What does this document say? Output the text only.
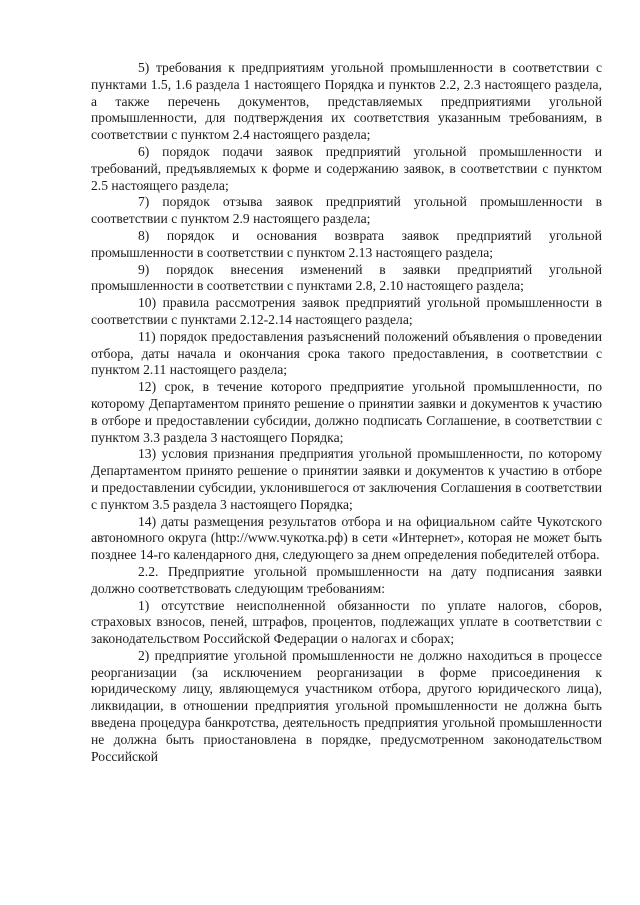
5) требования к предприятиям угольной промышленности в соответствии с пунктами 1.5, 1.6 раздела 1 настоящего Порядка и пунктов 2.2, 2.3 настоящего раздела, а также перечень документов, представляемых предприятиями угольной промышленности, для подтверждения их соответствия указанным требованиям, в соответствии с пунктом 2.4 настоящего раздела;

6) порядок подачи заявок предприятий угольной промышленности и требований, предъявляемых к форме и содержанию заявок, в соответствии с пунктом 2.5 настоящего раздела;

7) порядок отзыва заявок предприятий угольной промышленности в соответствии с пунктом 2.9 настоящего раздела;

8) порядок и основания возврата заявок предприятий угольной промышленности в соответствии с пунктом 2.13 настоящего раздела;

9) порядок внесения изменений в заявки предприятий угольной промышленности в соответствии с пунктами 2.8, 2.10 настоящего раздела;

10) правила рассмотрения заявок предприятий угольной промышленности в соответствии с пунктами 2.12-2.14 настоящего раздела;

11) порядок предоставления разъяснений положений объявления о проведении отбора, даты начала и окончания срока такого предоставления, в соответствии с пунктом 2.11 настоящего раздела;

12) срок, в течение которого предприятие угольной промышленности, по которому Департаментом принято решение о принятии заявки и документов к участию в отборе и предоставлении субсидии, должно подписать Соглашение, в соответствии с пунктом 3.3 раздела 3 настоящего Порядка;

13) условия признания предприятия угольной промышленности, по которому Департаментом принято решение о принятии заявки и документов к участию в отборе и предоставлении субсидии, уклонившегося от заключения Соглашения в соответствии с пунктом 3.5 раздела 3 настоящего Порядка;

14) даты размещения результатов отбора и на официальном сайте Чукотского автономного округа (http://www.чукотка.рф) в сети «Интернет», которая не может быть позднее 14-го календарного дня, следующего за днем определения победителей отбора.

2.2. Предприятие угольной промышленности на дату подписания заявки должно соответствовать следующим требованиям:

1) отсутствие неисполненной обязанности по уплате налогов, сборов, страховых взносов, пеней, штрафов, процентов, подлежащих уплате в соответствии с законодательством Российской Федерации о налогах и сборах;

2) предприятие угольной промышленности не должно находиться в процессе реорганизации (за исключением реорганизации в форме присоединения к юридическому лицу, являющемуся участником отбора, другого юридического лица), ликвидации, в отношении предприятия угольной промышленности не должна быть введена процедура банкротства, деятельность предприятия угольной промышленности не должна быть приостановлена в порядке, предусмотренном законодательством Российской
